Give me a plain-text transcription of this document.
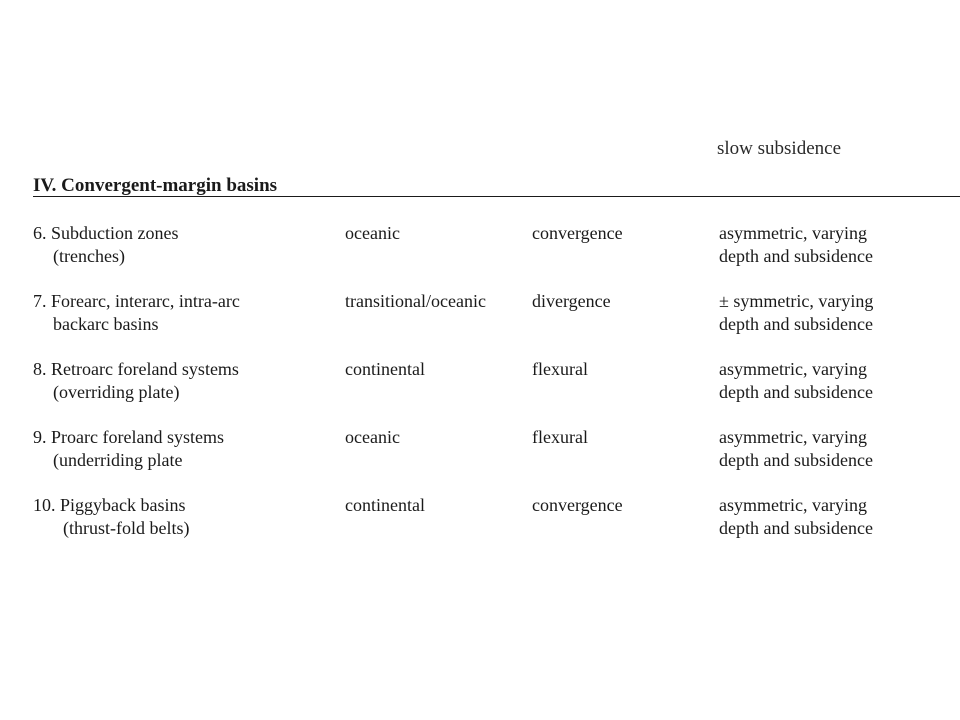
slow subsidence
IV. Convergent-margin basins
6. Subduction zones
(trenches)
oceanic	convergence	asymmetric, varying
depth and subsidence
7. Forearc, interarc, intra-arc
backarc basins
transitional/oceanic	divergence	± symmetric, varying
depth and subsidence
8. Retroarc foreland systems
(overriding plate)
continental	flexural	asymmetric, varying
depth and subsidence
9. Proarc foreland systems
(underriding plate
oceanic	flexural	asymmetric, varying
depth and subsidence
10. Piggyback basins
(thrust-fold belts)
continental	convergence	asymmetric, varying
depth and subsidence
